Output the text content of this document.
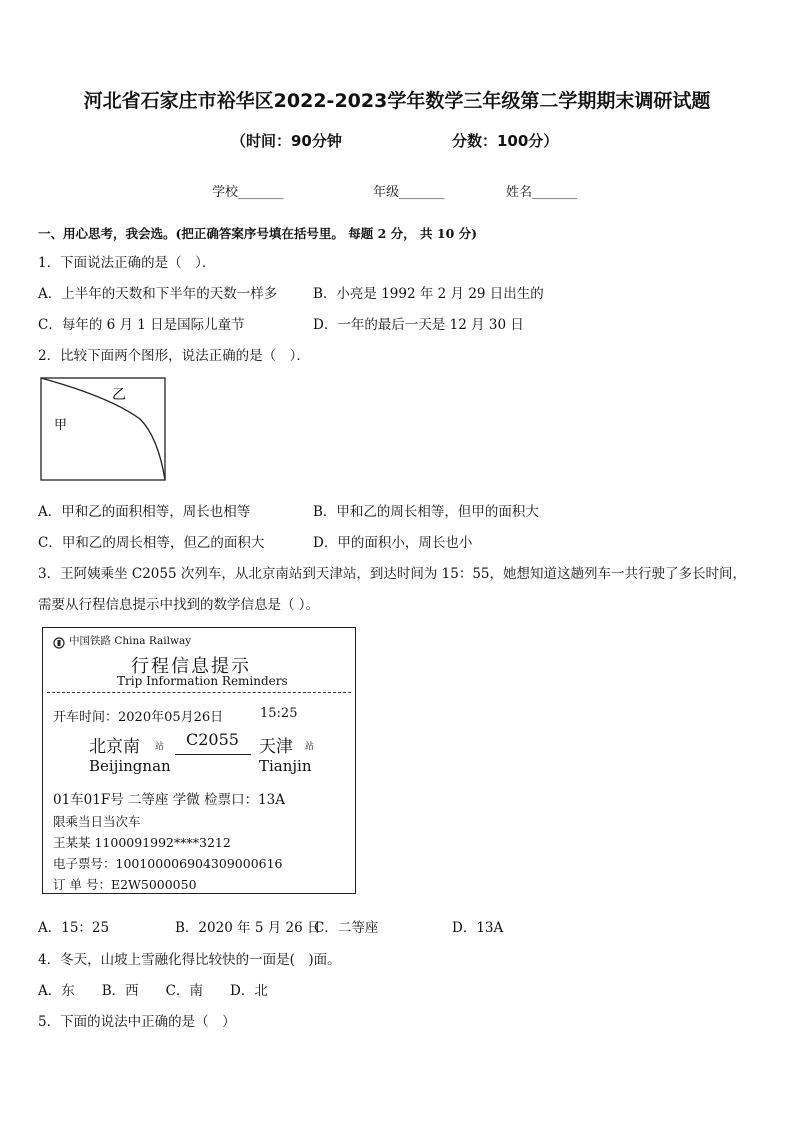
河北省石家庄市裕华区2022-2023学年数学三年级第二学期期末调研试题
（时间：90分钟	分数：100分）
学校_______	年级_______	姓名_______
一、用心思考，我会选。(把正确答案序号填在括号里。 每题 2 分， 共 10 分)
1．下面说法正确的是（　）．
A．上半年的天数和下半年的天数一样多	B．小亮是 1992 年 2 月 29 日出生的
C．每年的 6 月 1 日是国际儿童节	D．一年的最后一天是 12 月 30 日
2．比较下面两个图形，说法正确的是（　）．
乙
甲
A．甲和乙的面积相等，周长也相等	B．甲和乙的周长相等，但甲的面积大
C．甲和乙的周长相等，但乙的面积大	D．甲的面积小，周长也小
3．王阿姨乘坐 C2055 次列车，从北京南站到天津站，到达时间为 15：55，她想知道这趟列车一共行驶了多长时间，
需要从行程信息提示中找到的数学信息是（ ）。
中国铁路 China Railway
行程信息提示
Trip Information Reminders
开车时间：2020年05月26日	15:25
北京南 站 C2055 天津 站
Beijingnan	Tianjin
01车01F号 二等座 学微 检票口：13A
限乘当日当次车
王某某 1100091992****3212
电子票号：10010000690430900061​6
订 单 号：E2W5000050
A．15：25	B．2020 年 5 月 26 日
C．二等座	D．13A
4．冬天，山坡上雪融化得比较快的一面是(　)面。
A．东　　B．西　　C．南　　D．北
5．下面的说法中正确的是（　）
